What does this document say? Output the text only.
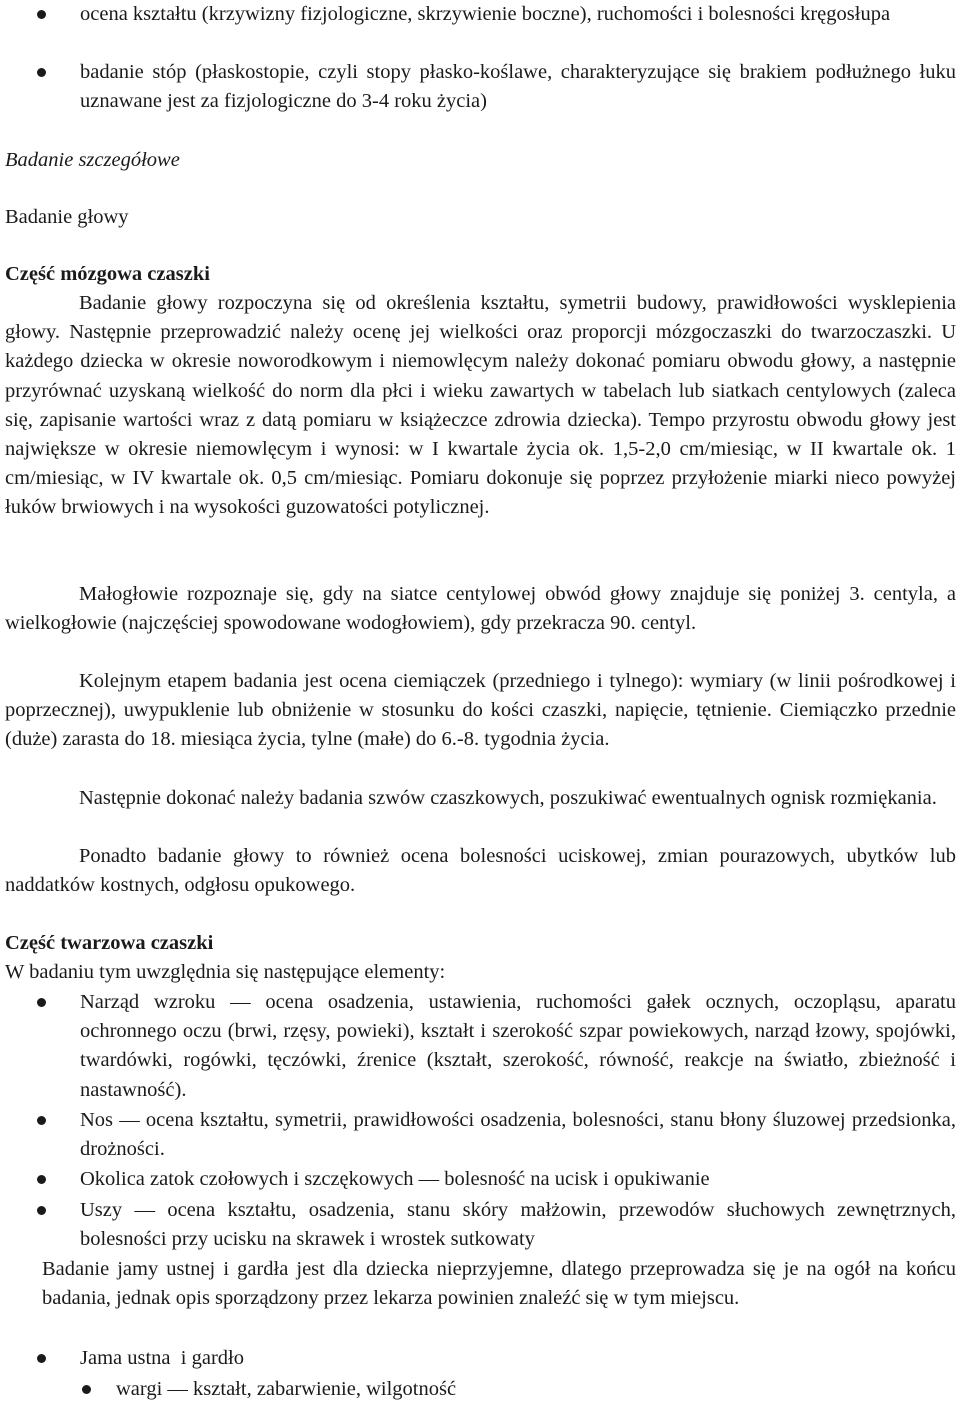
ocena kształtu (krzywizny fizjologiczne, skrzywienie boczne), ruchomości i bolesności kręgosłupa
badanie stóp (płaskostopie, czyli stopy płasko-koślawe, charakteryzujące się brakiem podłużnego łuku uznawane jest za fizjologiczne do 3-4 roku życia)

Badanie szczegółowe

Badanie głowy

Część mózgowa czaszki

Badanie głowy rozpoczyna się od określenia kształtu, symetrii budowy, prawidłowości wysklepienia głowy. Następnie przeprowadzić należy ocenę jej wielkości oraz proporcji mózgoczaszki do twarzoczaszki. U każdego dziecka w okresie noworodkowym i niemowlęcym należy dokonać pomiaru obwodu głowy, a następnie przyrównać uzyskaną wielkość do norm dla płci i wieku zawartych w tabelach lub siatkach centylowych (zaleca się, zapisanie wartości wraz z datą pomiaru w książeczce zdrowia dziecka). Tempo przyrostu obwodu głowy jest największe w okresie niemowlęcym i wynosi: w I kwartale życia ok. 1,5-2,0 cm/miesiąc, w II kwartale ok. 1 cm/miesiąc, w IV kwartale ok. 0,5 cm/miesiąc. Pomiaru dokonuje się poprzez przyłożenie miarki nieco powyżej łuków brwiowych i na wysokości guzowatości potylicznej.

Małogłowie rozpoznaje się, gdy na siatce centylowej obwód głowy znajduje się poniżej 3. centyla, a wielkogłowie (najczęściej spowodowane wodogłowiem), gdy przekracza 90. centyl.

Kolejnym etapem badania jest ocena ciemiączek (przedniego i tylnego): wymiary (w linii pośrodkowej i poprzecznej), uwypuklenie lub obniżenie w stosunku do kości czaszki, napięcie, tętnienie. Ciemiączko przednie (duże) zarasta do 18. miesiąca życia, tylne (małe) do 6.-8. tygodnia życia.

Następnie dokonać należy badania szwów czaszkowych, poszukiwać ewentualnych ognisk rozmiękania.

Ponadto badanie głowy to również ocena bolesności uciskowej, zmian pourazowych, ubytków lub naddatków kostnych, odgłosu opukowego.

Część twarzowa czaszki

W badaniu tym uwzględnia się następujące elementy:

Narząd wzroku — ocena osadzenia, ustawienia, ruchomości gałek ocznych, oczopląsu, aparatu ochronnego oczu (brwi, rzęsy, powieki), kształt i szerokość szpar powiekowych, narząd łzowy, spojówki, twardówki, rogówki, tęczówki, źrenice (kształt, szerokość, równość, reakcje na światło, zbieżność i nastawność).
Nos — ocena kształtu, symetrii, prawidłowości osadzenia, bolesności, stanu błony śluzowej przedsionka, drożności.
Okolica zatok czołowych i szczękowych — bolesność na ucisk i opukiwanie
Uszy — ocena kształtu, osadzenia, stanu skóry małżowin, przewodów słuchowych zewnętrznych, bolesności przy ucisku na skrawek i wrostek sutkowaty

Badanie jamy ustnej i gardła jest dla dziecka nieprzyjemne, dlatego przeprowadza się je na ogół na końcu badania, jednak opis sporządzony przez lekarza powinien znaleźć się w tym miejscu.

Jama ustna  i gardło
wargi — kształt, zabarwienie, wilgotność
